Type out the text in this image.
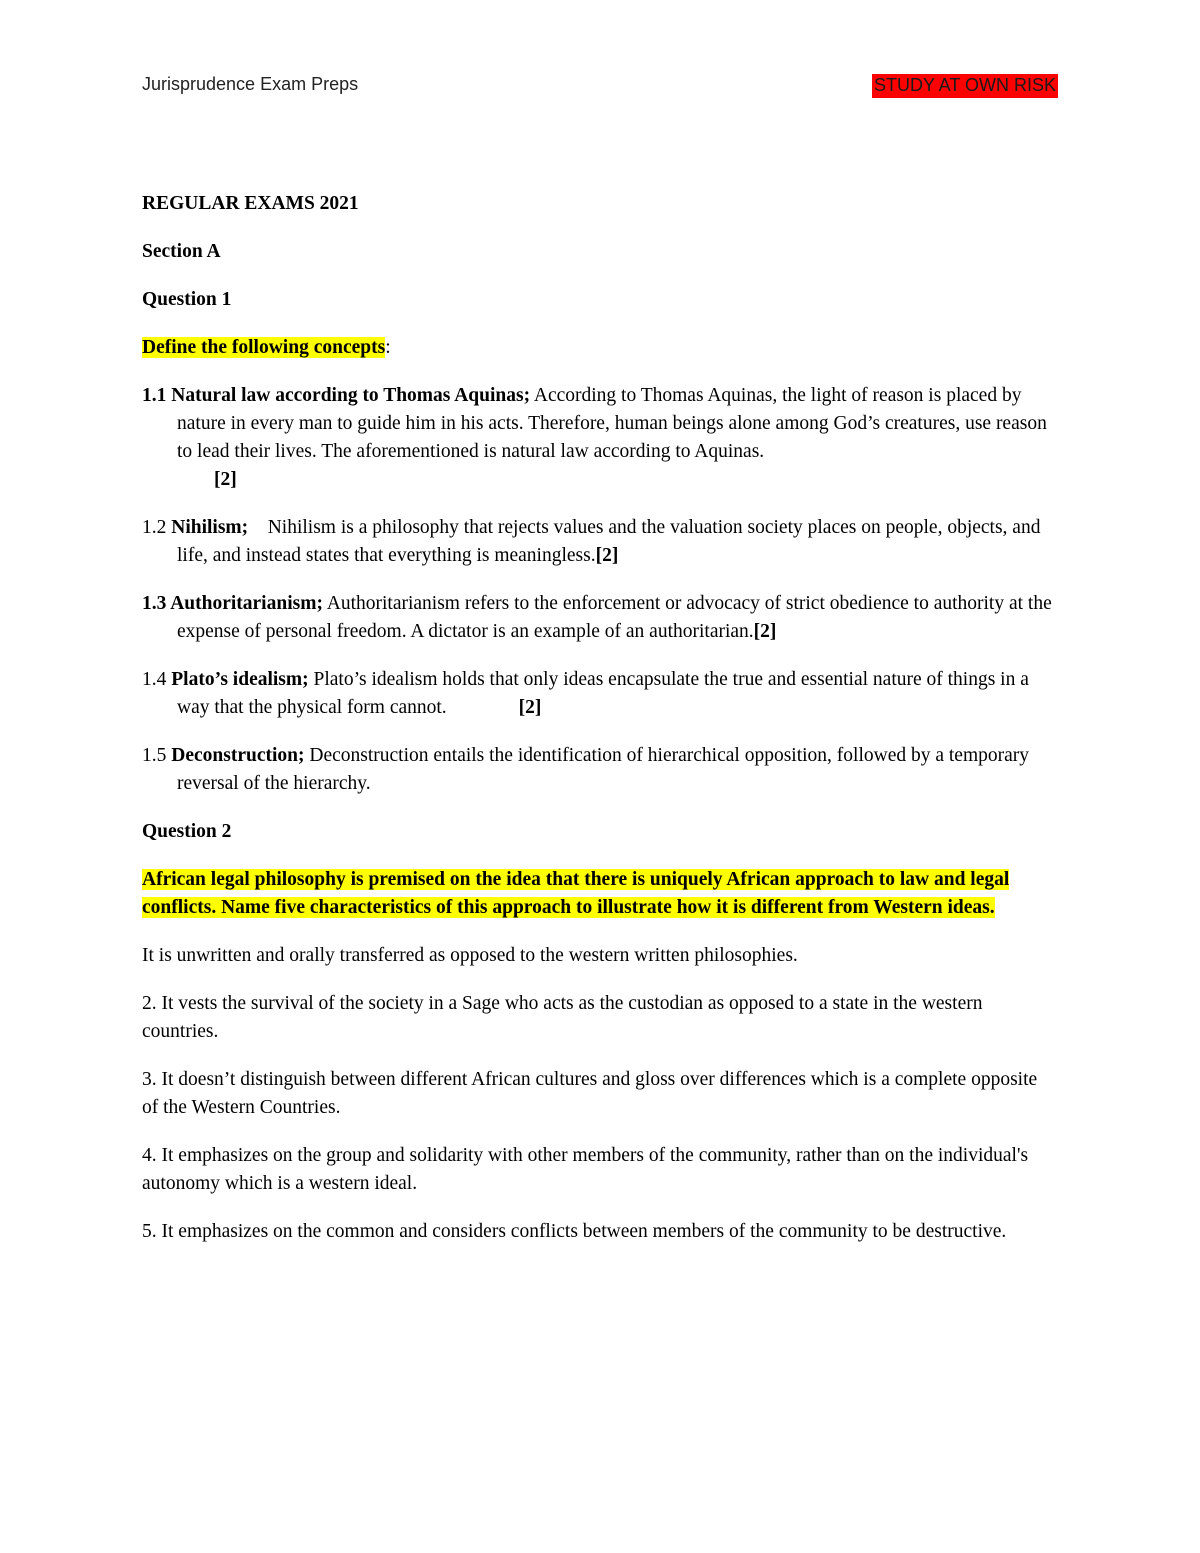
Jurisprudence Exam Preps	STUDY AT OWN RISK

REGULAR EXAMS 2021

Section A

Question 1

Define the following concepts:

1.1 Natural law according to Thomas Aquinas; According to Thomas Aquinas, the light of reason is placed by nature in every man to guide him in his acts. Therefore, human beings alone among God’s creatures, use reason to lead their lives. The aforementioned is natural law according to Aquinas.
[2]

1.2 Nihilism;    Nihilism is a philosophy that rejects values and the valuation society places on people, objects, and life, and instead states that everything is meaningless.[2]

1.3 Authoritarianism; Authoritarianism refers to the enforcement or advocacy of strict obedience to authority at the expense of personal freedom. A dictator is an example of an authoritarian.[2]

1.4 Plato’s idealism; Plato’s idealism holds that only ideas encapsulate the true and essential nature of things in a way that the physical form cannot.	[2]

1.5 Deconstruction; Deconstruction entails the identification of hierarchical opposition, followed by a temporary reversal of the hierarchy.

Question 2

African legal philosophy is premised on the idea that there is uniquely African approach to law and legal conflicts. Name five characteristics of this approach to illustrate how it is different from Western ideas.

It is unwritten and orally transferred as opposed to the western written philosophies.

2. It vests the survival of the society in a Sage who acts as the custodian as opposed to a state in the western countries.

3. It doesn’t distinguish between different African cultures and gloss over differences which is a complete opposite of the Western Countries.

4. It emphasizes on the group and solidarity with other members of the community, rather than on the individual's autonomy which is a western ideal.

5. It emphasizes on the common and considers conflicts between members of the community to be destructive.
